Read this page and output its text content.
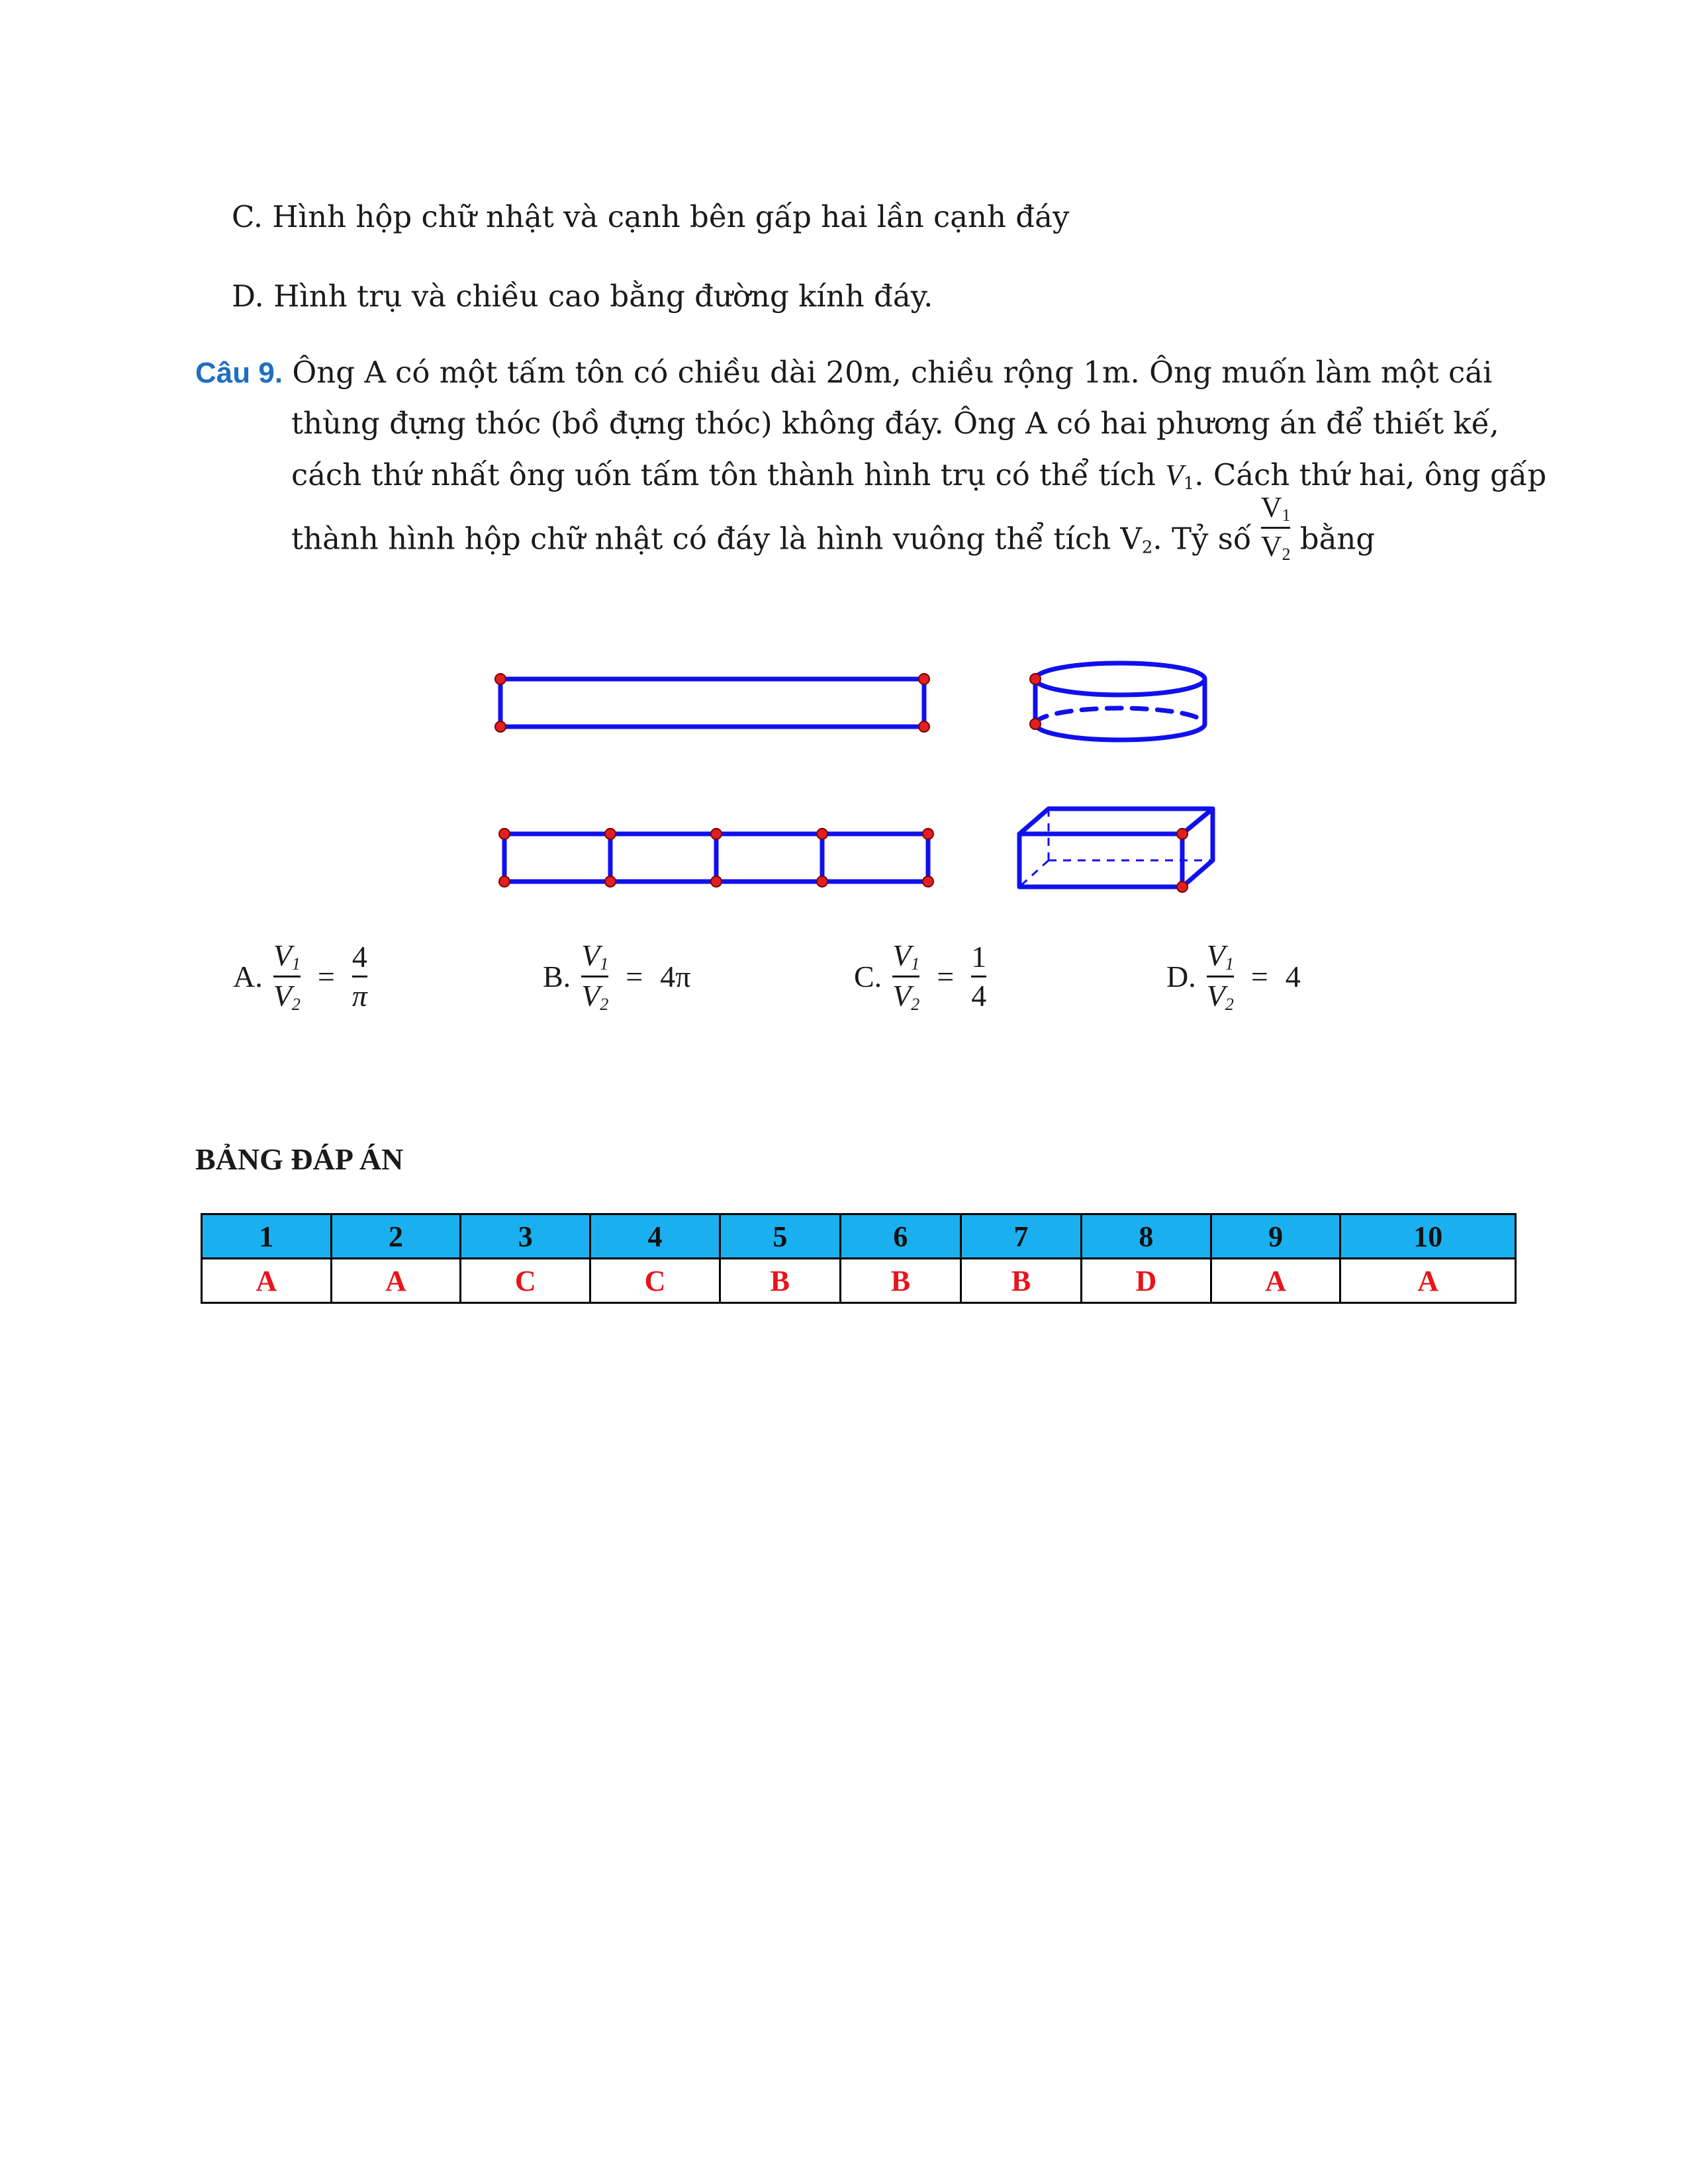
C. Hình hộp chữ nhật và cạnh bên gấp hai lần cạnh đáy
D. Hình trụ và chiều cao bằng đường kính đáy.
Câu 9. Ông A có một tấm tôn có chiều dài 20m, chiều rộng 1m. Ông muốn làm một cái
thùng đựng thóc (bồ đựng thóc) không đáy. Ông A có hai phương án để thiết kế,
cách thứ nhất ông uốn tấm tôn thành hình trụ có thể tích $V_1$. Cách thứ hai, ông gấp
thành hình hộp chữ nhật có đáy là hình vuông thể tích $V_2$. Tỷ số $\frac{V_1}{V_2}$ bằng
A. $\frac{V_1}{V_2} = \frac{4}{\pi}$	B. $\frac{V_1}{V_2} = 4\pi$	C. $\frac{V_1}{V_2} = \frac{1}{4}$	D. $\frac{V_1}{V_2} = 4$
BẢNG ĐÁP ÁN
1	2	3	4	5	6	7	8	9	10
A	A	C	C	B	B	B	D	A	A
